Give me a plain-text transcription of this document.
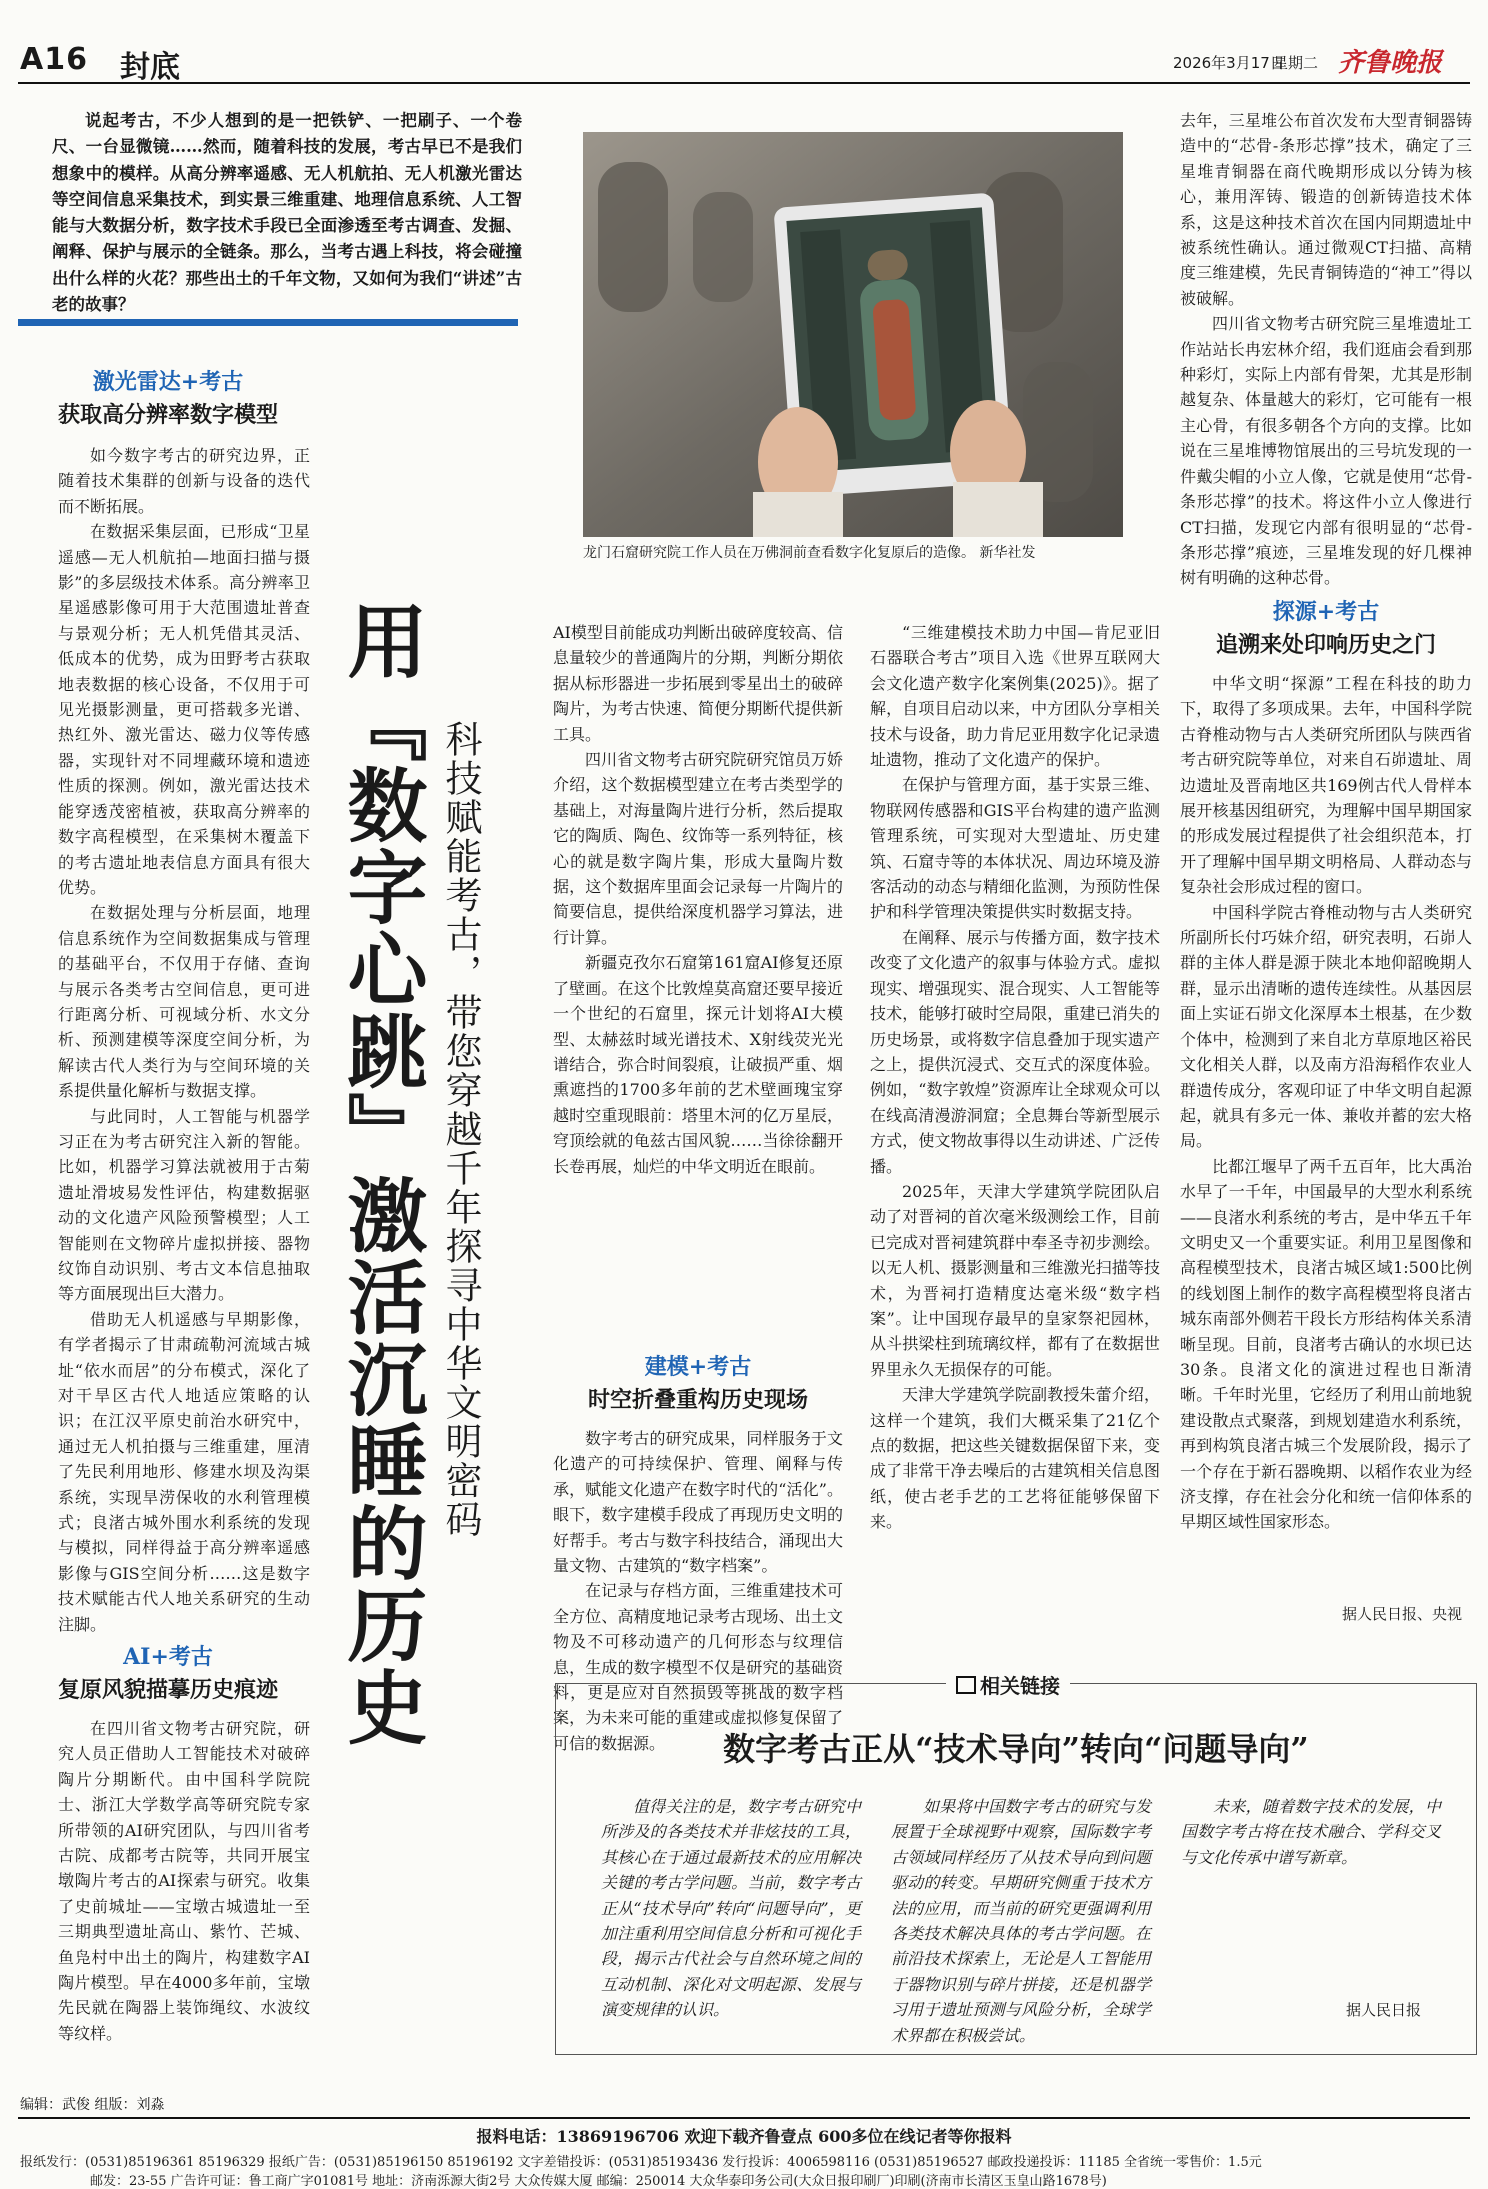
A16 封底	2026年3月17日
星期二 齐鲁晚报

说起考古，不少人想到的是一把铁铲、一把刷子、一个卷尺、一台显微镜……然而，随着科技的发展，考古早已不是我们想象中的模样。从高分辨率遥感、无人机航拍、无人机激光雷达等空间信息采集技术，到实景三维重建、地理信息系统、人工智能与大数据分析，数字技术手段已全面渗透至考古调查、发掘、阐释、保护与展示的全链条。那么，当考古遇上科技，将会碰撞出什么样的火花？那些出土的千年文物，又如何为我们“讲述”古老的故事？

龙门石窟研究院工作人员在万佛洞前查看数字化复原后的造像。 新华社发

激光雷达+考古

获取高分辨率数字模型

如今数字考古的研究边界，正随着技术集群的创新与设备的迭代而不断拓展。

在数据采集层面，已形成“卫星遥感—无人机航拍—地面扫描与摄影”的多层级技术体系。高分辨率卫星遥感影像可用于大范围遗址普查与景观分析；无人机凭借其灵活、低成本的优势，成为田野考古获取地表数据的核心设备，不仅用于可见光摄影测量，更可搭载多光谱、热红外、激光雷达、磁力仪等传感器，实现针对不同埋藏环境和遗迹性质的探测。例如，激光雷达技术能穿透茂密植被，获取高分辨率的数字高程模型，在采集树木覆盖下的考古遗址地表信息方面具有很大优势。

在数据处理与分析层面，地理信息系统作为空间数据集成与管理的基础平台，不仅用于存储、查询与展示各类考古空间信息，更可进行距离分析、可视域分析、水文分析、预测建模等深度空间分析，为解读古代人类行为与空间环境的关系提供量化解析与数据支撑。

与此同时，人工智能与机器学习正在为考古研究注入新的智能。比如，机器学习算法就被用于古菊遗址滑坡易发性评估，构建数据驱动的文化遗产风险预警模型；人工智能则在文物碎片虚拟拼接、器物纹饰自动识别、考古文本信息抽取等方面展现出巨大潜力。

借助无人机遥感与早期影像，有学者揭示了甘肃疏勒河流域古城址“依水而居”的分布模式，深化了对干旱区古代人地适应策略的认识；在江汉平原史前治水研究中，通过无人机拍摄与三维重建，厘清了先民利用地形、修建水坝及沟渠系统，实现旱涝保收的水利管理模式；良渚古城外围水利系统的发现与模拟，同样得益于高分辨率遥感影像与GIS空间分析……这是数字技术赋能古代人地关系研究的生动注脚。

AI+考古

复原风貌描摹历史痕迹

在四川省文物考古研究院，研究人员正借助人工智能技术对破碎陶片分期断代。由中国科学院院士、浙江大学数学高等研究院专家所带领的AI研究团队，与四川省考古院、成都考古院等，共同开展宝墩陶片考古的AI探索与研究。收集了史前城址——宝墩古城遗址一至三期典型遗址高山、紫竹、芒城、鱼凫村中出土的陶片，构建数字AI陶片模型。早在4000多年前，宝墩先民就在陶器上装饰绳纹、水波纹等纹样。

用『数字心跳』激活沉睡的历史 科技赋能考古，带您穿越千年探寻中华文明密码

AI模型目前能成功判断出破碎度较高、信息量较少的普通陶片的分期，判断分期依据从标形器进一步拓展到零星出土的破碎陶片，为考古快速、简便分期断代提供新工具。

四川省文物考古研究院研究馆员万娇介绍，这个数据模型建立在考古类型学的基础上，对海量陶片进行分析，然后提取它的陶质、陶色、纹饰等一系列特征，核心的就是数字陶片集，形成大量陶片数据，这个数据库里面会记录每一片陶片的简要信息，提供给深度机器学习算法，进行计算。

新疆克孜尔石窟第161窟AI修复还原了壁画。在这个比敦煌莫高窟还要早接近一个世纪的石窟里，探元计划将AI大模型、太赫兹时域光谱技术、X射线荧光光谱结合，弥合时间裂痕，让破损严重、烟熏遮挡的1700多年前的艺术壁画瑰宝穿越时空重现眼前：塔里木河的亿万星辰，穹顶绘就的龟兹古国风貌……当徐徐翻开长卷再展，灿烂的中华文明近在眼前。

建模+考古

时空折叠重构历史现场

数字考古的研究成果，同样服务于文化遗产的可持续保护、管理、阐释与传承，赋能文化遗产在数字时代的“活化”。眼下，数字建模手段成了再现历史文明的好帮手。考古与数字科技结合，涌现出大量文物、古建筑的“数字档案”。

在记录与存档方面，三维重建技术可全方位、高精度地记录考古现场、出土文物及不可移动遗产的几何形态与纹理信息，生成的数字模型不仅是研究的基础资料，更是应对自然损毁等挑战的数字档案，为未来可能的重建或虚拟修复保留了可信的数据源。

“三维建模技术助力中国—肯尼亚旧石器联合考古”项目入选《世界互联网大会文化遗产数字化案例集(2025)》。据了解，自项目启动以来，中方团队分享相关技术与设备，助力肯尼亚用数字化记录遗址遗物，推动了文化遗产的保护。

在保护与管理方面，基于实景三维、物联网传感器和GIS平台构建的遗产监测管理系统，可实现对大型遗址、历史建筑、石窟寺等的本体状况、周边环境及游客活动的动态与精细化监测，为预防性保护和科学管理决策提供实时数据支持。

在阐释、展示与传播方面，数字技术改变了文化遗产的叙事与体验方式。虚拟现实、增强现实、混合现实、人工智能等技术，能够打破时空局限，重建已消失的历史场景，或将数字信息叠加于现实遗产之上，提供沉浸式、交互式的深度体验。例如，“数字敦煌”资源库让全球观众可以在线高清漫游洞窟；全息舞台等新型展示方式，使文物故事得以生动讲述、广泛传播。

2025年，天津大学建筑学院团队启动了对晋祠的首次毫米级测绘工作，目前已完成对晋祠建筑群中奉圣寺初步测绘。以无人机、摄影测量和三维激光扫描等技术，为晋祠打造精度达毫米级“数字档案”。让中国现存最早的皇家祭祀园林，从斗拱梁柱到琉璃纹样，都有了在数据世界里永久无损保存的可能。

天津大学建筑学院副教授朱蕾介绍，这样一个建筑，我们大概采集了21亿个点的数据，把这些关键数据保留下来，变成了非常干净去噪后的古建筑相关信息图纸，使古老手艺的工艺将征能够保留下来。

去年，三星堆公布首次发布大型青铜器铸造中的“芯骨-条形芯撑”技术，确定了三星堆青铜器在商代晚期形成以分铸为核心，兼用浑铸、锻造的创新铸造技术体系，这是这种技术首次在国内同期遗址中被系统性确认。通过微观CT扫描、高精度三维建模，先民青铜铸造的“神工”得以被破解。

四川省文物考古研究院三星堆遗址工作站站长冉宏林介绍，我们逛庙会看到那种彩灯，实际上内部有骨架，尤其是形制越复杂、体量越大的彩灯，它可能有一根主心骨，有很多朝各个方向的支撑。比如说在三星堆博物馆展出的三号坑发现的一件戴尖帽的小立人像，它就是使用“芯骨-条形芯撑”的技术。将这件小立人像进行CT扫描，发现它内部有很明显的“芯骨-条形芯撑”痕迹，三星堆发现的好几棵神树有明确的这种芯骨。

探源+考古

追溯来处印响历史之门

中华文明“探源”工程在科技的助力下，取得了多项成果。去年，中国科学院古脊椎动物与古人类研究所团队与陕西省考古研究院等单位，对来自石峁遗址、周边遗址及晋南地区共169例古代人骨样本展开核基因组研究，为理解中国早期国家的形成发展过程提供了社会组织范本，打开了理解中国早期文明格局、人群动态与复杂社会形成过程的窗口。

中国科学院古脊椎动物与古人类研究所副所长付巧妹介绍，研究表明，石峁人群的主体人群是源于陕北本地仰韶晚期人群，显示出清晰的遗传连续性。从基因层面上实证石峁文化深厚本土根基，在少数个体中，检测到了来自北方草原地区裕民文化相关人群，以及南方沿海稻作农业人群遗传成分，客观印证了中华文明自起源起，就具有多元一体、兼收并蓄的宏大格局。

比都江堰早了两千五百年，比大禹治水早了一千年，中国最早的大型水利系统——良渚水利系统的考古，是中华五千年文明史又一个重要实证。利用卫星图像和高程模型技术，良渚古城区域1:500比例的线划图上制作的数字高程模型将良渚古城东南部外侧若干段长方形结构体关系清晰呈现。目前，良渚考古确认的水坝已达30条。良渚文化的演进过程也日渐清晰。千年时光里，它经历了利用山前地貌建设散点式聚落，到规划建造水利系统，再到构筑良渚古城三个发展阶段，揭示了一个存在于新石器晚期、以稻作农业为经济支撑，存在社会分化和统一信仰体系的早期区域性国家形态。

据人民日报、央视
相关链接
数字考古正从“技术导向”转向“问题导向”

值得关注的是，数字考古研究中所涉及的各类技术并非炫技的工具，其核心在于通过最新技术的应用解决关键的考古学问题。当前，数字考古正从“技术导向”转向“问题导向”，更加注重利用空间信息分析和可视化手段，揭示古代社会与自然环境之间的互动机制、深化对文明起源、发展与演变规律的认识。

如果将中国数字考古的研究与发展置于全球视野中观察，国际数字考古领域同样经历了从技术导向到问题驱动的转变。早期研究侧重于技术方法的应用，而当前的研究更强调利用各类技术解决具体的考古学问题。在前沿技术探索上，无论是人工智能用于器物识别与碎片拼接，还是机器学习用于遗址预测与风险分析，全球学术界都在积极尝试。

未来，随着数字技术的发展，中国数字考古将在技术融合、学科交叉与文化传承中谱写新章。

据人民日报
编辑：武俊 组版：刘淼
报料电话：13869196706 欢迎下载齐鲁壹点 600多位在线记者等你报料
报纸发行：(0531)85196361 85196329 报纸广告：(0531)85196150 85196192 文字差错投诉：(0531)85193436 发行投诉：4006598116 (0531)85196527 邮政投递投诉：11185 全省统一零售价：1.5元
邮发：23-55 广告许可证：鲁工商广字01081号 地址：济南泺源大街2号 大众传媒大厦 邮编：250014 大众华泰印务公司(大众日报印刷厂)印刷(济南市长清区玉皇山路1678号)
